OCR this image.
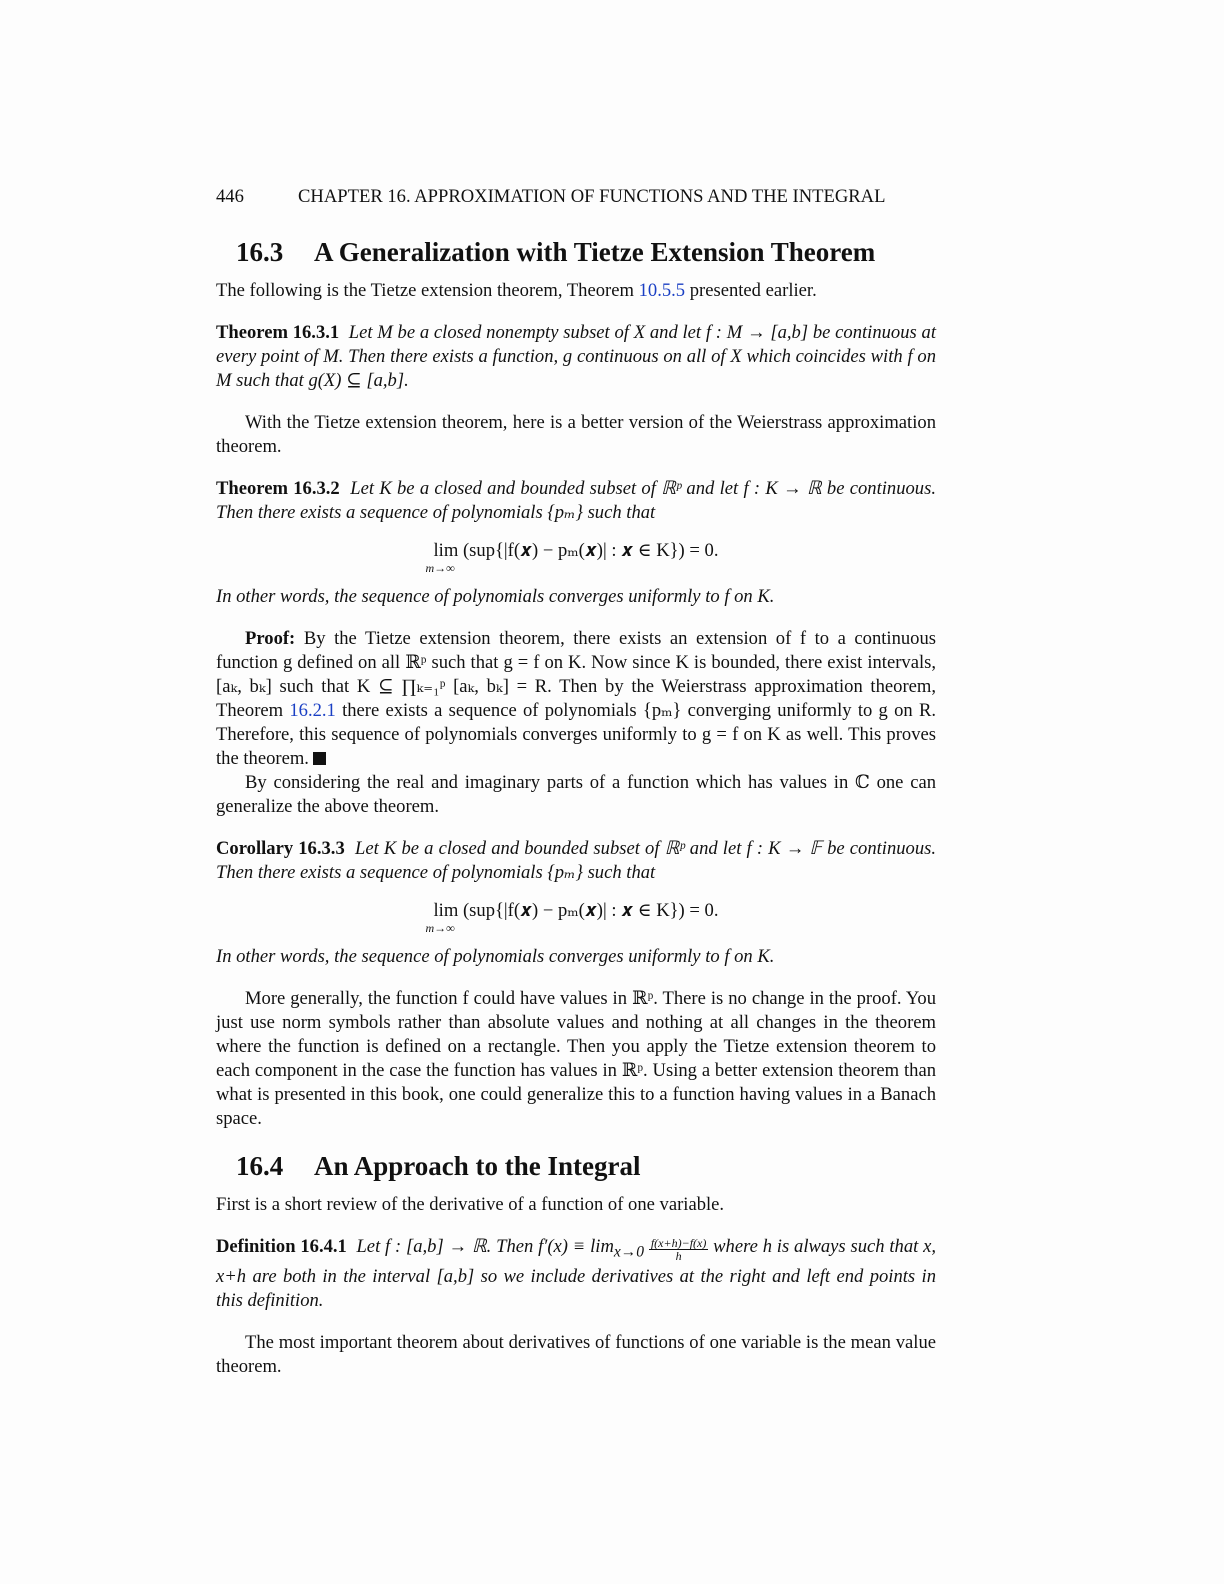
446	CHAPTER 16. APPROXIMATION OF FUNCTIONS AND THE INTEGRAL
16.3 A Generalization with Tietze Extension Theorem

The following is the Tietze extension theorem, Theorem 10.5.5 presented earlier.

Theorem 16.3.1 Let M be a closed nonempty subset of X and let f : M → [a,b] be continuous at every point of M. Then there exists a function, g continuous on all of X which coincides with f on M such that g(X) ⊆ [a,b].

With the Tietze extension theorem, here is a better version of the Weierstrass approximation theorem.

Theorem 16.3.2 Let K be a closed and bounded subset of ℝᵖ and let f : K → ℝ be continuous. Then there exists a sequence of polynomials {pₘ} such that

lim
m→∞
(sup{|f(𝒙) − pₘ(𝒙)| : 𝒙 ∈ K}) = 0.

In other words, the sequence of polynomials converges uniformly to f on K.

Proof: By the Tietze extension theorem, there exists an extension of f to a continuous function g defined on all ℝᵖ such that g = f on K. Now since K is bounded, there exist intervals, [aₖ, bₖ] such that K ⊆ ∏ₖ₌₁ᵖ [aₖ, bₖ] = R. Then by the Weierstrass approximation theorem, Theorem 16.2.1 there exists a sequence of polynomials {pₘ} converging uniformly to g on R. Therefore, this sequence of polynomials converges uniformly to g = f on K as well. This proves the theorem.

By considering the real and imaginary parts of a function which has values in ℂ one can generalize the above theorem.

Corollary 16.3.3 Let K be a closed and bounded subset of ℝᵖ and let f : K → 𝔽 be continuous. Then there exists a sequence of polynomials {pₘ} such that

lim
m→∞
(sup{|f(𝒙) − pₘ(𝒙)| : 𝒙 ∈ K}) = 0.

In other words, the sequence of polynomials converges uniformly to f on K.

More generally, the function f could have values in ℝᵖ. There is no change in the proof. You just use norm symbols rather than absolute values and nothing at all changes in the theorem where the function is defined on a rectangle. Then you apply the Tietze extension theorem to each component in the case the function has values in ℝᵖ. Using a better extension theorem than what is presented in this book, one could generalize this to a function having values in a Banach space.

16.4 An Approach to the Integral

First is a short review of the derivative of a function of one variable.

Definition 16.4.1 Let f : [a,b] → ℝ. Then $f'(x) \equiv \lim_{x\to 0} \frac{f(x+h)-f(x)}{h}$ where h is always such that x, x+h are both in the interval [a,b] so we include derivatives at the right and left end points in this definition.

The most important theorem about derivatives of functions of one variable is the mean value theorem.
